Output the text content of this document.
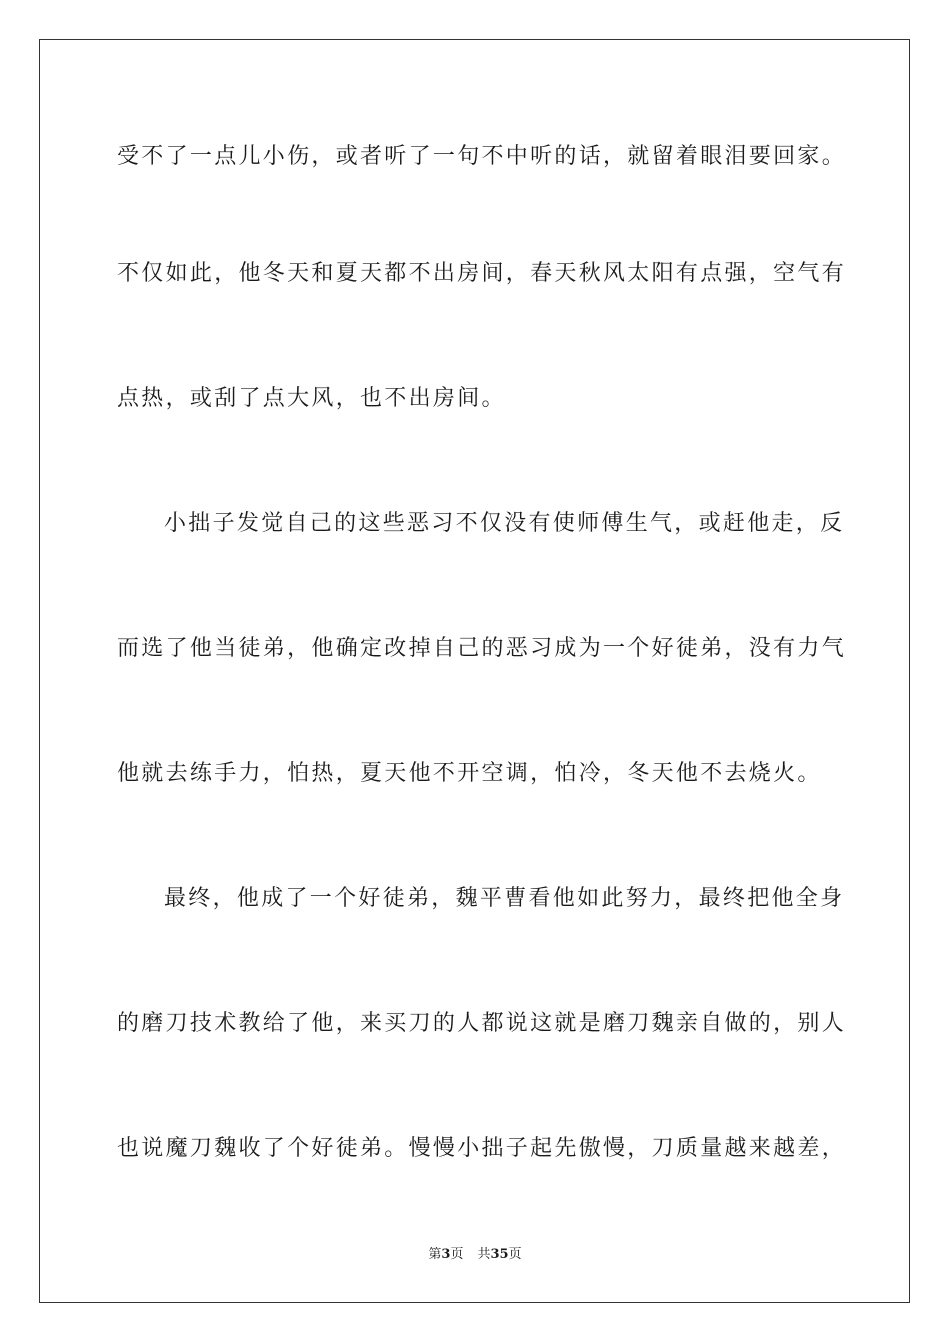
受不了一点儿小伤，或者听了一句不中听的话，就留着眼泪要回家。
不仅如此，他冬天和夏天都不出房间，春天秋风太阳有点强，空气有
点热，或刮了点大风，也不出房间。
小拙子发觉自己的这些恶习不仅没有使师傅生气，或赶他走，反
而选了他当徒弟，他确定改掉自己的恶习成为一个好徒弟，没有力气
他就去练手力，怕热，夏天他不开空调，怕冷，冬天他不去烧火。
最终，他成了一个好徒弟，魏平曹看他如此努力，最终把他全身
的磨刀技术教给了他，来买刀的人都说这就是磨刀魏亲自做的，别人
也说魔刀魏收了个好徒弟。慢慢小拙子起先傲慢，刀质量越来越差，
第3页 共35页
